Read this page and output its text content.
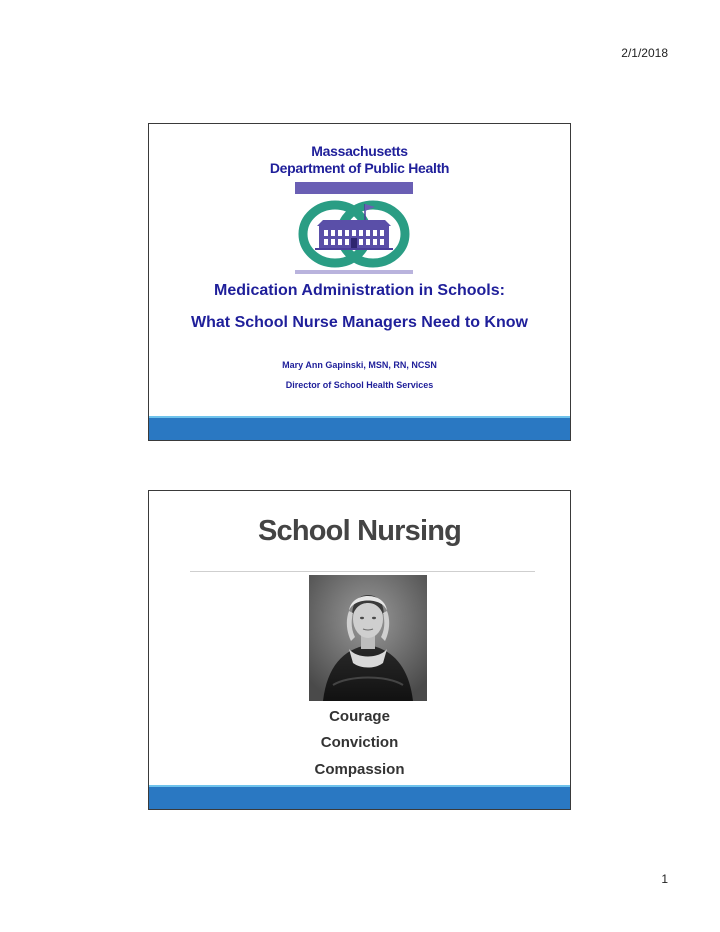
2/1/2018
Massachusetts
Department of Public Health
Medication Administration in Schools:
What School Nurse Managers Need to Know
Mary Ann Gapinski, MSN, RN, NCSN
Director of School Health Services
School Nursing
Courage
Conviction
Compassion
1
